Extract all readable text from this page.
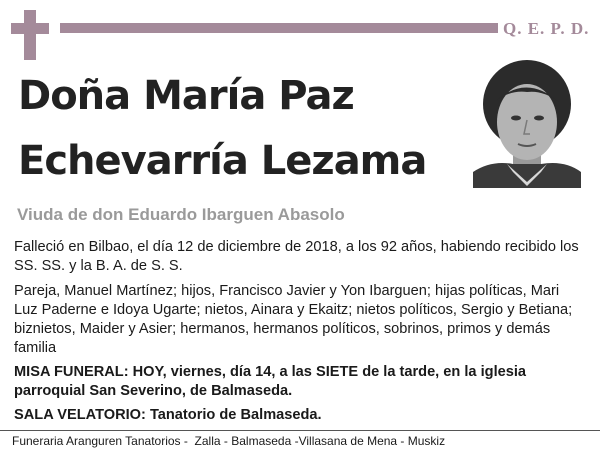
Q. E. P. D.
Doña María Paz
Echevarría Lezama
Viuda de don Eduardo Ibarguen Abasolo
Falleció en Bilbao, el día 12 de diciembre de 2018, a los 92 años, habiendo recibido los SS. SS. y la B. A. de S. S.
Pareja, Manuel Martínez; hijos, Francisco Javier y Yon Ibarguen; hijas políticas, Mari Luz Paderne e Idoya Ugarte; nietos, Ainara y Ekaitz; nietos políticos, Sergio y Betiana; biznietos, Maider y Asier; hermanos, hermanos políticos, sobrinos, primos y demás familia
MISA FUNERAL: HOY, viernes, día 14, a las SIETE de la tarde, en la iglesia parroquial San Severino, de Balmaseda.
SALA VELATORIO: Tanatorio de Balmaseda.
Funeraria Aranguren Tanatorios -  Zalla - Balmaseda -Villasana de Mena - Muskiz
